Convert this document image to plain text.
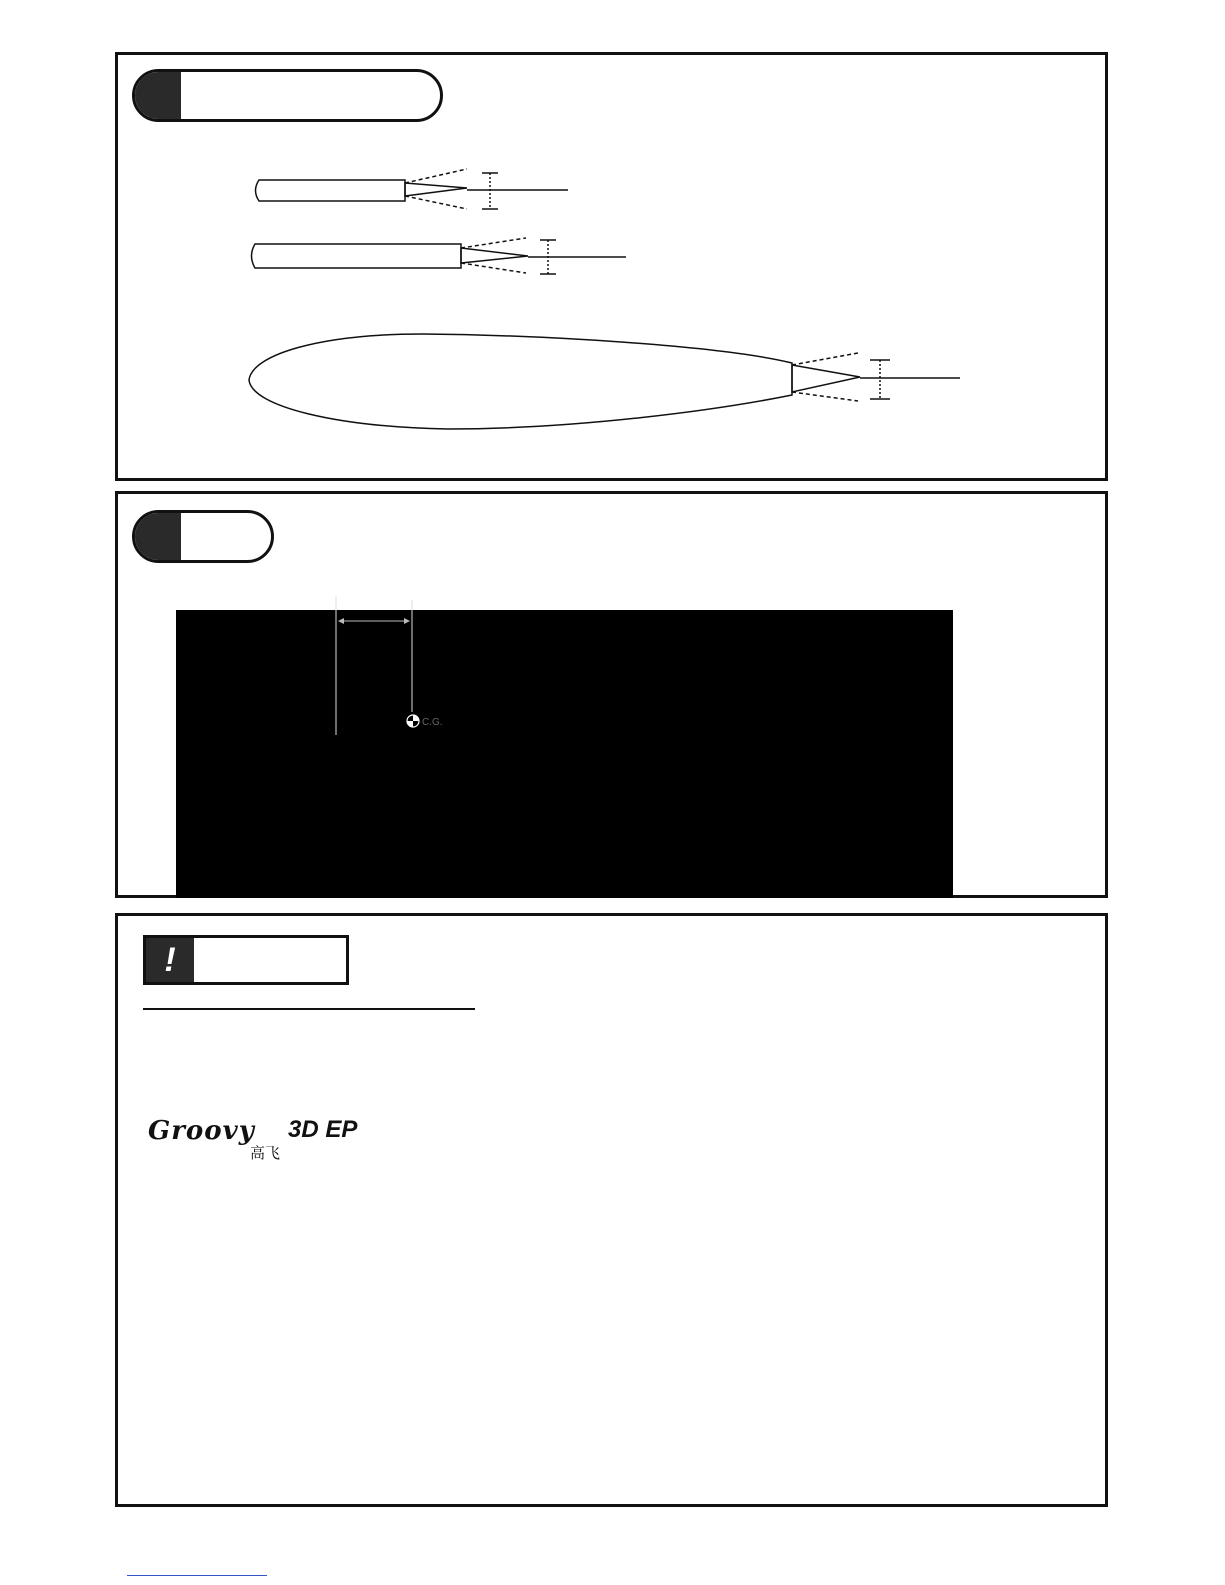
C.G.
!
Groovy 3D EP
高飞
